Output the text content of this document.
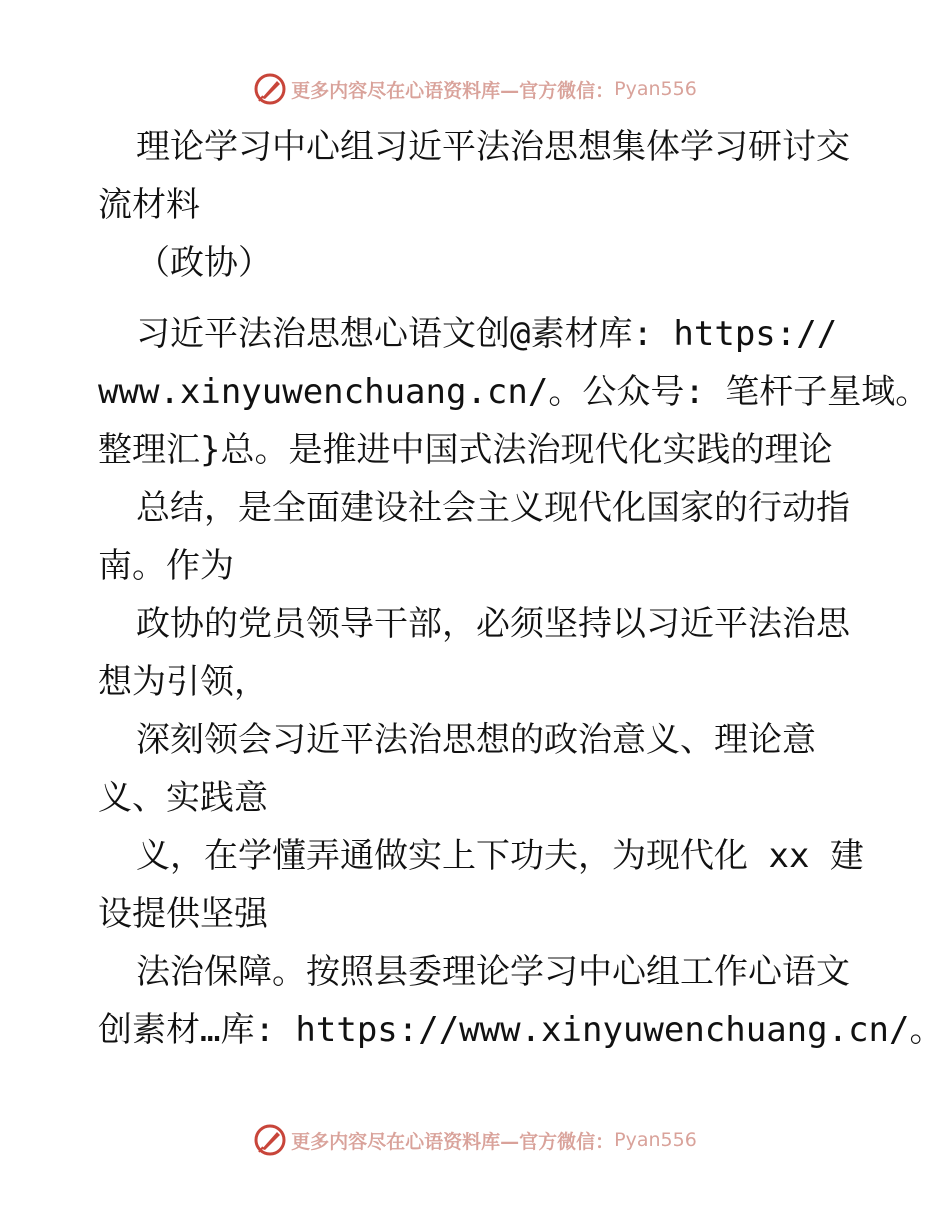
更多内容尽在心语资料库—官方微信： Pyan556
理论学习中心组习近平法治思想集体学习研讨交
流材料
（政协）
习近平法治思想心语文创@素材库: https://
www.xinyuwenchuang.cn/。公众号: 笔杆子星域。
整理汇}总。是推进中国式法治现代化实践的理论
总结，是全面建设社会主义现代化国家的行动指
南。作为
政协的党员领导干部，必须坚持以习近平法治思
想为引领，
深刻领会习近平法治思想的政治意义、理论意
义、实践意
义，在学懂弄通做实上下功夫，为现代化 xx 建
设提供坚强
法治保障。按照县委理论学习中心组工作心语文
创素材…库: https://www.xinyuwenchuang.cn/。
更多内容尽在心语资料库—官方微信： Pyan556
